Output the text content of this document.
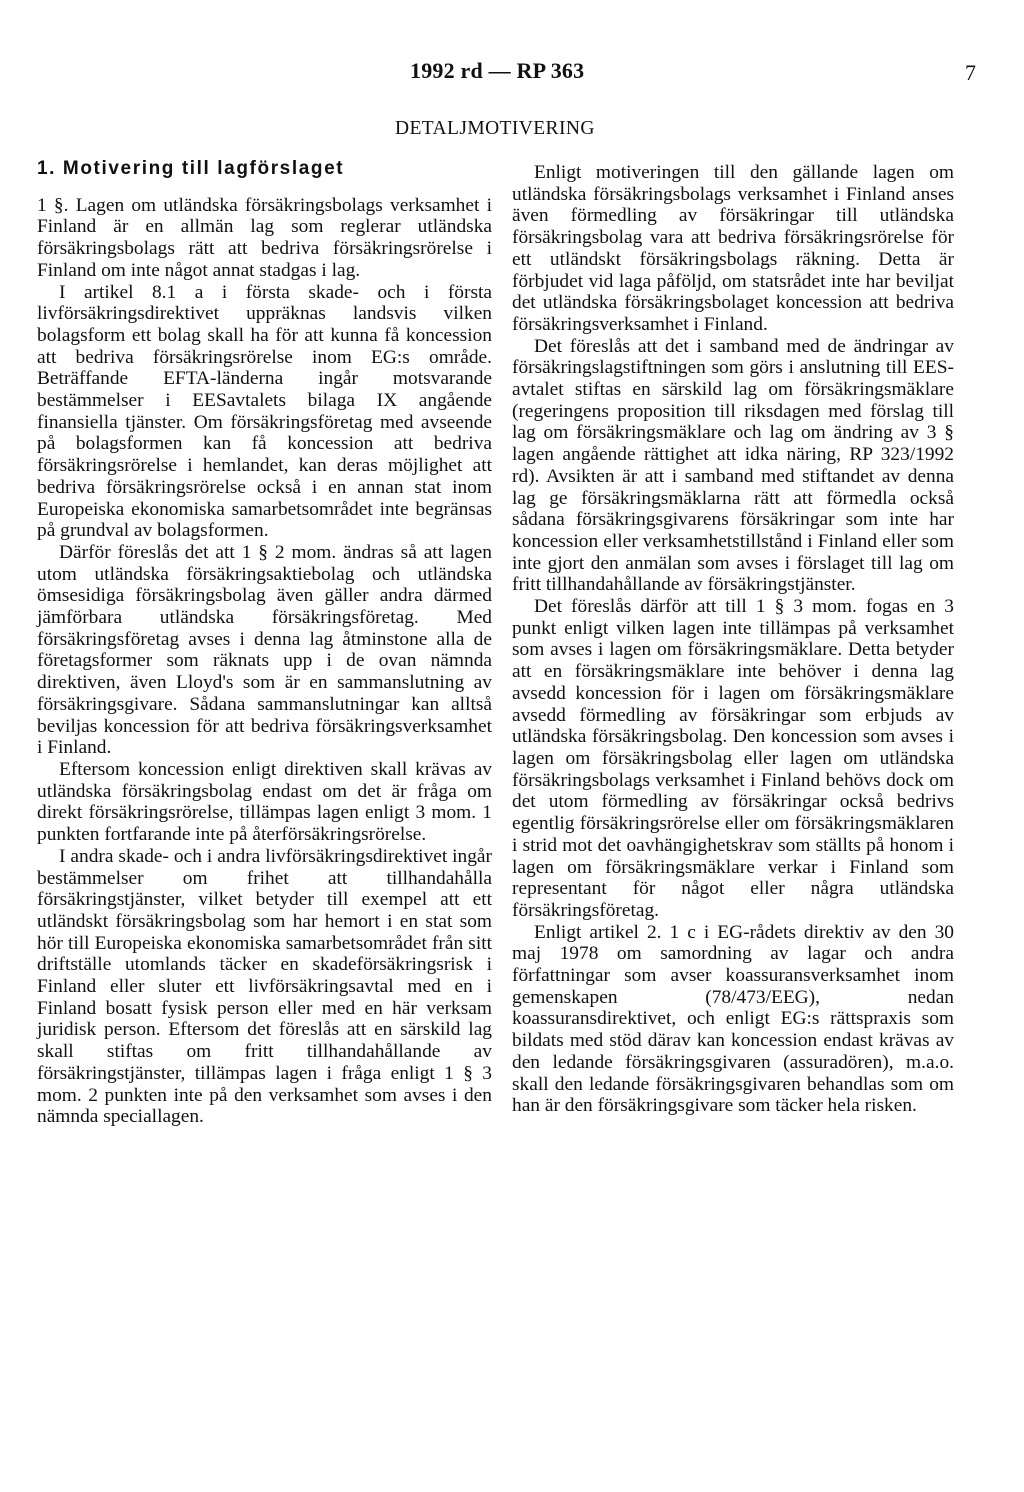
1992 rd — RP 363	7
DETALJMOTIVERING
1. Motivering till lagförslaget

1 §. Lagen om utländska försäkringsbolags verksamhet i Finland är en allmän lag som reglerar utländska försäkringsbolags rätt att bedriva försäkringsrörelse i Finland om inte något annat stadgas i lag.

I artikel 8.1 a i första skade- och i första livförsäkringsdirektivet uppräknas landsvis vilken bolagsform ett bolag skall ha för att kunna få koncession att bedriva försäkringsrörelse inom EG:s område. Beträffande EFTA-länderna ingår motsvarande bestämmelser i EESavtalets bilaga IX angående finansiella tjänster. Om försäkringsföretag med avseende på bolagsformen kan få koncession att bedriva försäkringsrörelse i hemlandet, kan deras möjlighet att bedriva försäkringsrörelse också i en annan stat inom Europeiska ekonomiska samarbetsområdet inte begränsas på grundval av bolagsformen.

Därför föreslås det att 1 § 2 mom. ändras så att lagen utom utländska försäkringsaktiebolag och utländska ömsesidiga försäkringsbolag även gäller andra därmed jämförbara utländska försäkringsföretag. Med försäkringsföretag avses i denna lag åtminstone alla de företagsformer som räknats upp i de ovan nämnda direktiven, även Lloyd's som är en sammanslutning av försäkringsgivare. Sådana sammanslutningar kan alltså beviljas koncession för att bedriva försäkringsverksamhet i Finland.

Eftersom koncession enligt direktiven skall krävas av utländska försäkringsbolag endast om det är fråga om direkt försäkringsrörelse, tillämpas lagen enligt 3 mom. 1 punkten fortfarande inte på återförsäkringsrörelse.

I andra skade- och i andra livförsäkringsdirektivet ingår bestämmelser om frihet att tillhandahålla försäkringstjänster, vilket betyder till exempel att ett utländskt försäkringsbolag som har hemort i en stat som hör till Europeiska ekonomiska samarbetsområdet från sitt driftställe utomlands täcker en skadeförsäkringsrisk i Finland eller sluter ett livförsäkringsavtal med en i Finland bosatt fysisk person eller med en här verksam juridisk person. Eftersom det föreslås att en särskild lag skall stiftas om fritt tillhandahållande av försäkringstjänster, tillämpas lagen i fråga enligt 1 § 3 mom. 2 punkten inte på den verksamhet som avses i den nämnda speciallagen.

Enligt motiveringen till den gällande lagen om utländska försäkringsbolags verksamhet i Finland anses även förmedling av försäkringar till utländska försäkringsbolag vara att bedriva försäkringsrörelse för ett utländskt försäkringsbolags räkning. Detta är förbjudet vid laga påföljd, om statsrådet inte har beviljat det utländska försäkringsbolaget koncession att bedriva försäkringsverksamhet i Finland.

Det föreslås att det i samband med de ändringar av försäkringslagstiftningen som görs i anslutning till EES-avtalet stiftas en särskild lag om försäkringsmäklare (regeringens proposition till riksdagen med förslag till lag om försäkringsmäklare och lag om ändring av 3 § lagen angående rättighet att idka näring, RP 323/1992 rd). Avsikten är att i samband med stiftandet av denna lag ge försäkringsmäklarna rätt att förmedla också sådana försäkringsgivarens försäkringar som inte har koncession eller verksamhetstillstånd i Finland eller som inte gjort den anmälan som avses i förslaget till lag om fritt tillhandahållande av försäkringstjänster.

Det föreslås därför att till 1 § 3 mom. fogas en 3 punkt enligt vilken lagen inte tillämpas på verksamhet som avses i lagen om försäkringsmäklare. Detta betyder att en försäkringsmäklare inte behöver i denna lag avsedd koncession för i lagen om försäkringsmäklare avsedd förmedling av försäkringar som erbjuds av utländska försäkringsbolag. Den koncession som avses i lagen om försäkringsbolag eller lagen om utländska försäkringsbolags verksamhet i Finland behövs dock om det utom förmedling av försäkringar också bedrivs egentlig försäkringsrörelse eller om försäkringsmäklaren i strid mot det oavhängighetskrav som ställts på honom i lagen om försäkringsmäklare verkar i Finland som representant för något eller några utländska försäkringsföretag.

Enligt artikel 2. 1 c i EG-rådets direktiv av den 30 maj 1978 om samordning av lagar och andra författningar som avser koassuransverksamhet inom gemenskapen (78/473/EEG), nedan koassuransdirektivet, och enligt EG:s rättspraxis som bildats med stöd därav kan koncession endast krävas av den ledande försäkringsgivaren (assuradören), m.a.o. skall den ledande försäkringsgivaren behandlas som om han är den försäkringsgivare som täcker hela risken.
